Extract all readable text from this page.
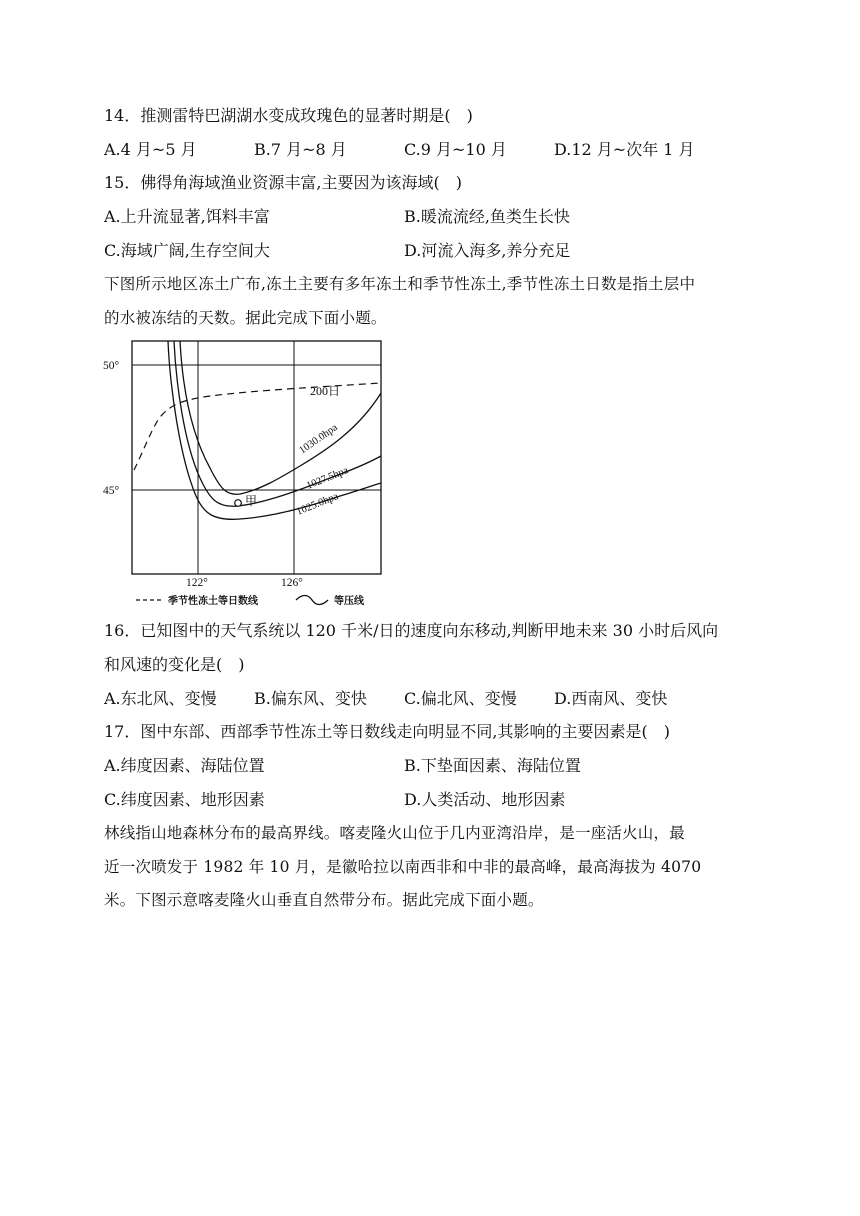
14．推测雷特巴湖湖水变成玫瑰色的显著时期是(　)
A.4 月~5 月	B.7 月~8 月	C.9 月~10 月	D.12 月~次年 1 月
15．佛得角海域渔业资源丰富,主要因为该海域(　)
A.上升流显著,饵料丰富	B.暖流流经,鱼类生长快
C.海域广阔,生存空间大	D.河流入海多,养分充足
下图所示地区冻土广布,冻土主要有多年冻土和季节性冻土,季节性冻土日数是指土层中
的水被冻结的天数。据此完成下面小题。
甲
50°
45°
122°	126°
200日
1030.0hpa
1027.5hpa
1025.0hpa
季节性冻土等日数线	等压线
16．已知图中的天气系统以 120 千米/日的速度向东移动,判断甲地未来 30 小时后风向
和风速的变化是(　)
A.东北风、变慢 B.偏东风、变快 C.偏北风、变慢 D.西南风、变快
17．图中东部、西部季节性冻土等日数线走向明显不同,其影响的主要因素是(　)
A.纬度因素、海陆位置	B.下垫面因素、海陆位置
C.纬度因素、地形因素	D.人类活动、地形因素
林线指山地森林分布的最高界线。喀麦隆火山位于几内亚湾沿岸，是一座活火山，最
近一次喷发于 1982 年 10 月，是徽哈拉以南西非和中非的最高峰，最高海拔为 4070
米。下图示意喀麦隆火山垂直自然带分布。据此完成下面小题。
